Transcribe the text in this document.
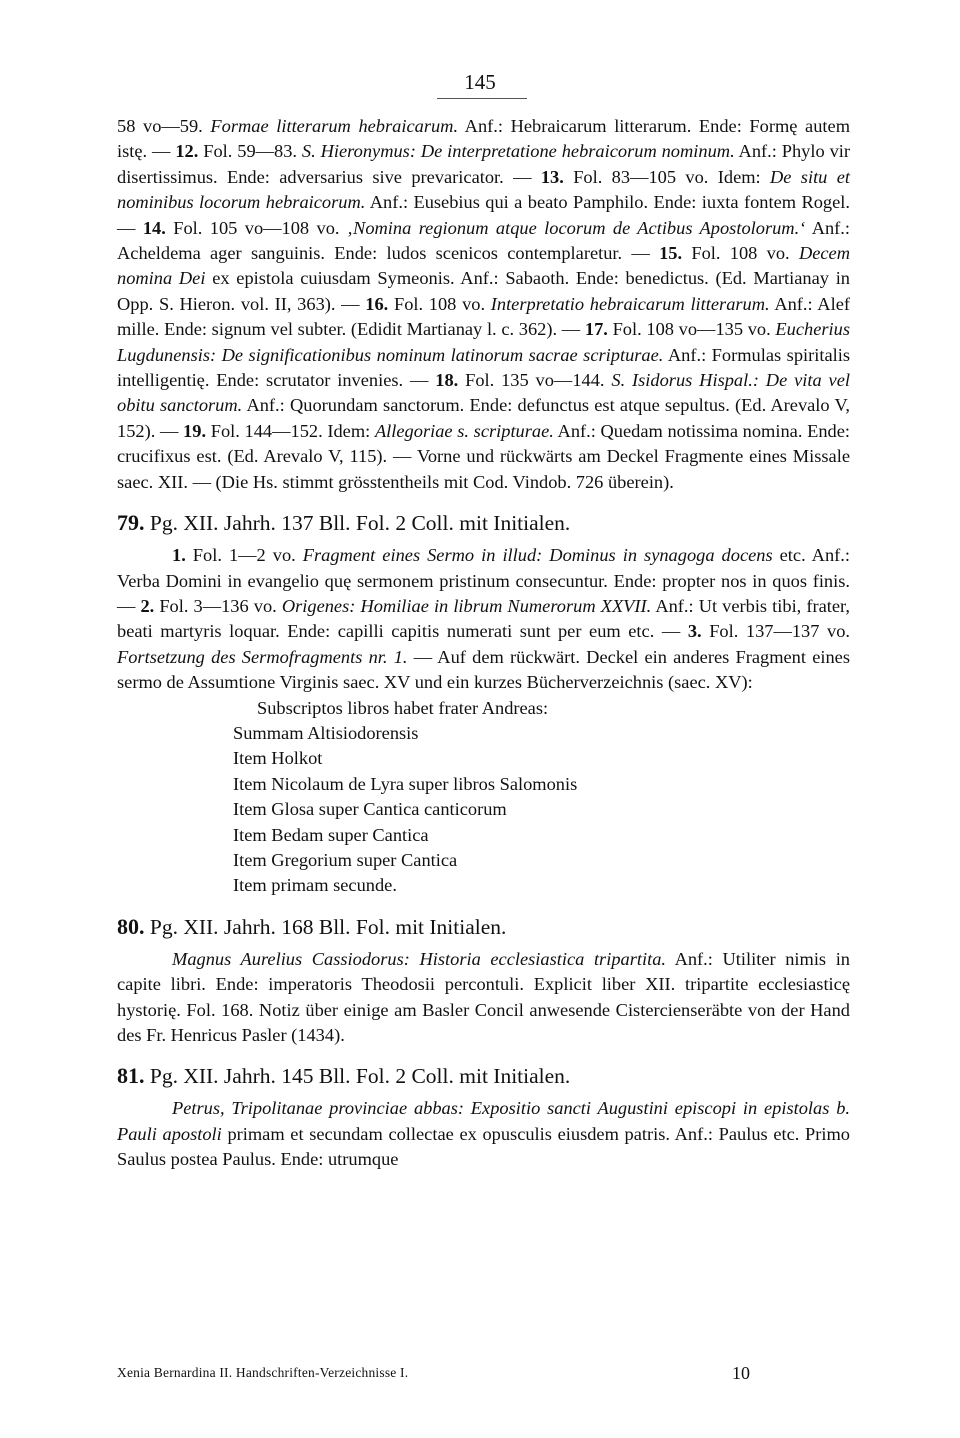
145

58 vo—59. Formae litterarum hebraicarum. Anf.: Hebraicarum litterarum. Ende: Formę autem istę. — 12. Fol. 59—83. S. Hieronymus: De interpretatione hebraicorum nominum. Anf.: Phylo vir disertissimus. Ende: adversarius sive prevaricator. — 13. Fol. 83—105 vo. Idem: De situ et nominibus locorum hebraicorum. Anf.: Eusebius qui a beato Pamphilo. Ende: iuxta fontem Rogel. — 14. Fol. 105 vo—108 vo. ‚Nomina regionum atque locorum de Actibus Apostolorum.‘ Anf.: Acheldema ager sanguinis. Ende: ludos scenicos contemplaretur. — 15. Fol. 108 vo. Decem nomina Dei ex epistola cuiusdam Symeonis. Anf.: Sabaoth. Ende: benedictus. (Ed. Martianay in Opp. S. Hieron. vol. II, 363). — 16. Fol. 108 vo. Interpretatio hebraicarum litterarum. Anf.: Alef mille. Ende: signum vel subter. (Edidit Martianay l. c. 362). — 17. Fol. 108 vo—135 vo. Eucherius Lugdunensis: De significationibus nominum latinorum sacrae scripturae. Anf.: Formulas spiritalis intelligentię. Ende: scrutator invenies. — 18. Fol. 135 vo—144. S. Isidorus Hispal.: De vita vel obitu sanctorum. Anf.: Quorundam sanctorum. Ende: defunctus est atque sepultus. (Ed. Arevalo V, 152). — 19. Fol. 144—152. Idem: Allegoriae s. scripturae. Anf.: Quedam notissima nomina. Ende: crucifixus est. (Ed. Arevalo V, 115). — Vorne und rückwärts am Deckel Fragmente eines Missale saec. XII. — (Die Hs. stimmt grösstentheils mit Cod. Vindob. 726 überein).

79. Pg. XII. Jahrh. 137 Bll. Fol. 2 Coll. mit Initialen.

1. Fol. 1—2 vo. Fragment eines Sermo in illud: Dominus in synagoga docens etc. Anf.: Verba Domini in evangelio quę sermonem pristinum consecuntur. Ende: propter nos in quos finis. — 2. Fol. 3—136 vo. Origenes: Homiliae in librum Numerorum XXVII. Anf.: Ut verbis tibi, frater, beati martyris loquar. Ende: capilli capitis numerati sunt per eum etc. — 3. Fol. 137—137 vo. Fortsetzung des Sermofragments nr. 1. — Auf dem rückwärt. Deckel ein anderes Fragment eines sermo de Assumtione Virginis saec. XV und ein kurzes Bücherverzeichnis (saec. XV):

Subscriptos libros habet frater Andreas:
Summam Altisiodorensis
Item Holkot
Item Nicolaum de Lyra super libros Salomonis
Item Glosa super Cantica canticorum
Item Bedam super Cantica
Item Gregorium super Cantica
Item primam secunde.
80. Pg. XII. Jahrh. 168 Bll. Fol. mit Initialen.

Magnus Aurelius Cassiodorus: Historia ecclesiastica tripartita. Anf.: Utiliter nimis in capite libri. Ende: imperatoris Theodosii percontuli. Explicit liber XII. tripartite ecclesiasticę hystorię. Fol. 168. Notiz über einige am Basler Concil anwesende Cistercienseräbte von der Hand des Fr. Henricus Pasler (1434).

81. Pg. XII. Jahrh. 145 Bll. Fol. 2 Coll. mit Initialen.

Petrus, Tripolitanae provinciae abbas: Expositio sancti Augustini episcopi in epistolas b. Pauli apostoli primam et secundam collectae ex opusculis eiusdem patris. Anf.: Paulus etc. Primo Saulus postea Paulus. Ende: utrumque

Xenia Bernardina II. Handschriften-Verzeichnisse I.	10
